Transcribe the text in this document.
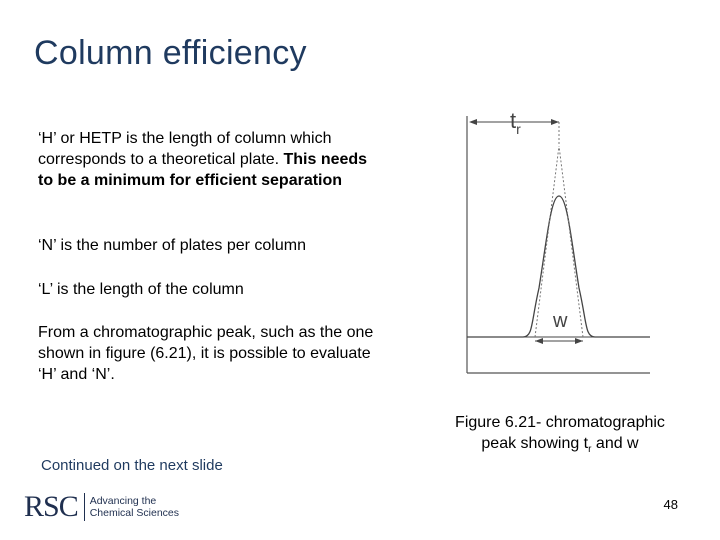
Column efficiency
‘H’ or HETP is the length of column which corresponds to a theoretical plate. This needs to be a minimum for efficient separation
‘N’ is the number of plates per column
‘L’ is the length of the column
From a chromatographic peak, such as the one shown in figure (6.21), it is possible to evaluate ‘H’ and ‘N’.
$t_r$
w
Figure 6.21- chromatographic
peak showing $t_r$ and w
Continued on the next slide
RSC Advancing the
Chemical Sciences
48
